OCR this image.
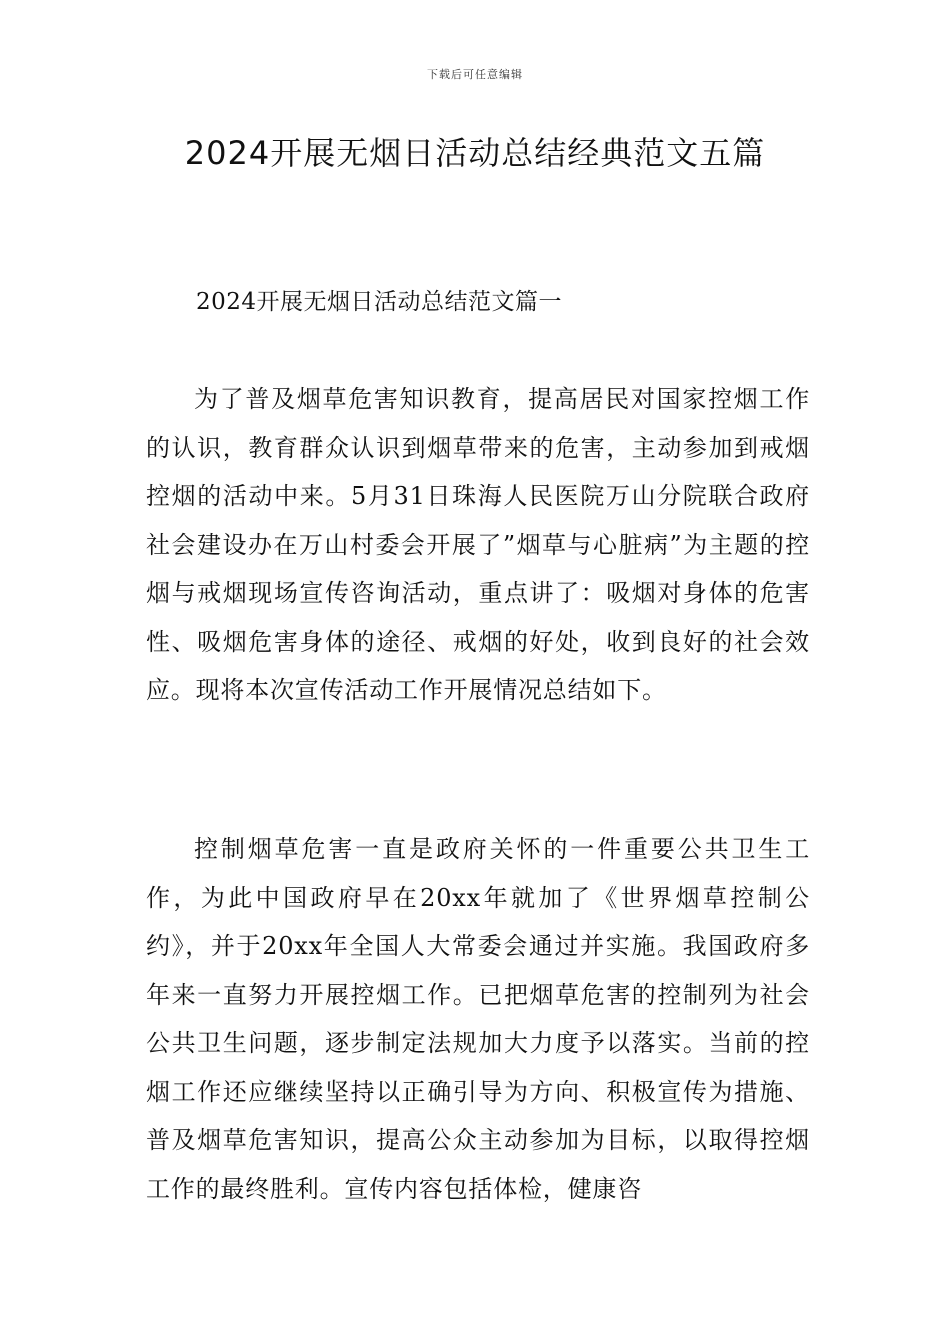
下载后可任意编辑
2024开展无烟日活动总结经典范文五篇
2024开展无烟日活动总结范文篇一

为了普及烟草危害知识教育，提高居民对国家控烟工作的认识，教育群众认识到烟草带来的危害，主动参加到戒烟控烟的活动中来。5月31日珠海人民医院万山分院联合政府社会建设办在万山村委会开展了”烟草与心脏病”为主题的控烟与戒烟现场宣传咨询活动，重点讲了：吸烟对身体的危害性、吸烟危害身体的途径、戒烟的好处，收到良好的社会效应。现将本次宣传活动工作开展情况总结如下。

控制烟草危害一直是政府关怀的一件重要公共卫生工作，为此中国政府早在20xx年就加了《世界烟草控制公约》，并于20xx年全国人大常委会通过并实施。我国政府多年来一直努力开展控烟工作。已把烟草危害的控制列为社会公共卫生问题，逐步制定法规加大力度予以落实。当前的控烟工作还应继续坚持以正确引导为方向、积极宣传为措施、普及烟草危害知识，提高公众主动参加为目标，以取得控烟工作的最终胜利。宣传内容包括体检，健康咨
